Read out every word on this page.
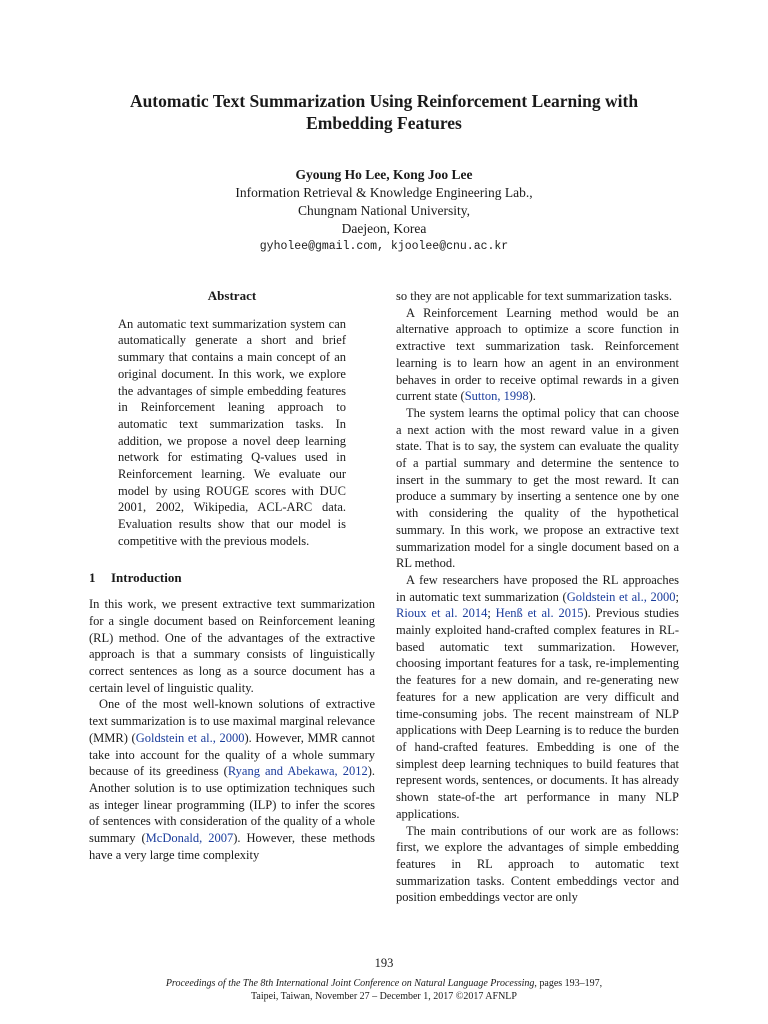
Automatic Text Summarization Using Reinforcement Learning with
Embedding Features
Gyoung Ho Lee, Kong Joo Lee
Information Retrieval & Knowledge Engineering Lab.,
Chungnam National University,
Daejeon, Korea
gyholee@gmail.com, kjoolee@cnu.ac.kr
Abstract

An automatic text summarization system can automatically generate a short and brief summary that contains a main concept of an original document. In this work, we explore the advantages of simple embedding features in Reinforcement leaning approach to automatic text summarization tasks. In addition, we propose a novel deep learning network for estimating Q-values used in Reinforcement learning. We evaluate our model by using ROUGE scores with DUC 2001, 2002, Wikipedia, ACL-ARC data. Evaluation results show that our model is competitive with the previous models.

1 Introduction

In this work, we present extractive text summarization for a single document based on Reinforcement leaning (RL) method. One of the advantages of the extractive approach is that a summary consists of linguistically correct sentences as long as a source document has a certain level of linguistic quality.

One of the most well-known solutions of extractive text summarization is to use maximal marginal relevance (MMR) (Goldstein et al., 2000). However, MMR cannot take into account for the quality of a whole summary because of its greediness (Ryang and Abekawa, 2012). Another solution is to use optimization techniques such as integer linear programming (ILP) to infer the scores of sentences with consideration of the quality of a whole summary (McDonald, 2007). However, these methods have a very large time complexity

so they are not applicable for text summarization tasks.

A Reinforcement Learning method would be an alternative approach to optimize a score function in extractive text summarization task. Reinforcement learning is to learn how an agent in an environment behaves in order to receive optimal rewards in a given current state (Sutton, 1998).

The system learns the optimal policy that can choose a next action with the most reward value in a given state. That is to say, the system can evaluate the quality of a partial summary and determine the sentence to insert in the summary to get the most reward. It can produce a summary by inserting a sentence one by one with considering the quality of the hypothetical summary. In this work, we propose an extractive text summarization model for a single document based on a RL method.

A few researchers have proposed the RL approaches in automatic text summarization (Goldstein et al., 2000; Rioux et al. 2014; Henß et al. 2015). Previous studies mainly exploited hand-crafted complex features in RL-based automatic text summarization. However, choosing important features for a task, re-implementing the features for a new domain, and re-generating new features for a new application are very difficult and time-consuming jobs. The recent mainstream of NLP applications with Deep Learning is to reduce the burden of hand-crafted features. Embedding is one of the simplest deep learning techniques to build features that represent words, sentences, or documents. It has already shown state-of-the art performance in many NLP applications.

The main contributions of our work are as follows: first, we explore the advantages of simple embedding features in RL approach to automatic text summarization tasks. Content embeddings vector and position embeddings vector are only

193
Proceedings of the The 8th International Joint Conference on Natural Language Processing, pages 193–197,
Taipei, Taiwan, November 27 – December 1, 2017 ©2017 AFNLP
